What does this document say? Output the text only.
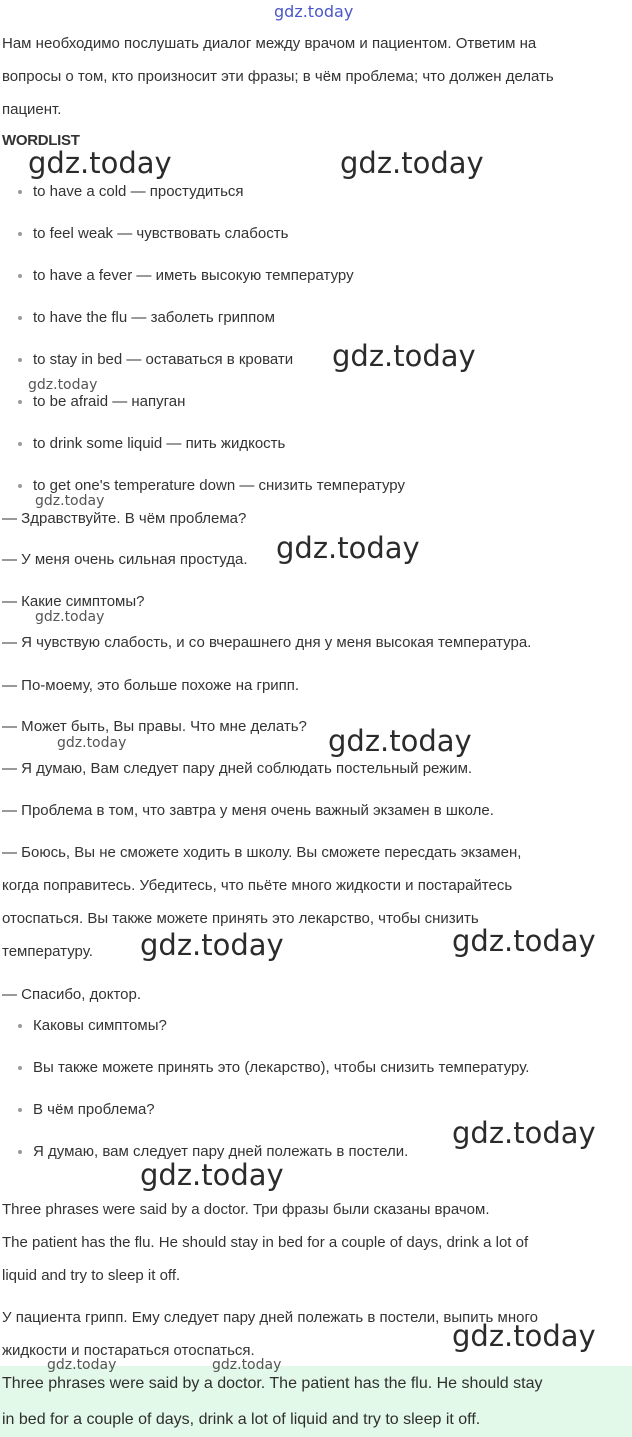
gdz.today
Нам необходимо послушать диалог между врачом и пациентом. Ответим на
вопросы о том, кто произносит эти фразы; в чём проблема; что должен делать
пациент.
WORDLIST
to have a cold — простудиться
to feel weak — чувствовать слабость
to have a fever — иметь высокую температуру
to have the flu — заболеть гриппом
to stay in bed — оставаться в кровати
to be afraid — напуган
to drink some liquid — пить жидкость
to get one's temperature down — снизить температуру
— Здравствуйте. В чём проблема?
— У меня очень сильная простуда.
— Какие симптомы?
— Я чувствую слабость, и со вчерашнего дня у меня высокая температура.
— По-моему, это больше похоже на грипп.
— Может быть, Вы правы. Что мне делать?
— Я думаю, Вам следует пару дней соблюдать постельный режим.
— Проблема в том, что завтра у меня очень важный экзамен в школе.
— Боюсь, Вы не сможете ходить в школу. Вы сможете пересдать экзамен,
когда поправитесь. Убедитесь, что пьёте много жидкости и постарайтесь
отоспаться. Вы также можете принять это лекарство, чтобы снизить
температуру.
— Спасибо, доктор.
Каковы симптомы?
Вы также можете принять это (лекарство), чтобы снизить температуру.
В чём проблема?
Я думаю, вам следует пару дней полежать в постели.
Three phrases were said by a doctor. Три фразы были сказаны врачом.
The patient has the flu. He should stay in bed for a couple of days, drink a lot of
liquid and try to sleep it off.
У пациента грипп. Ему следует пару дней полежать в постели, выпить много
жидкости и постараться отоспаться.
Three phrases were said by a doctor. The patient has the flu. He should stay
in bed for a couple of days, drink a lot of liquid and try to sleep it off.
gdz.today	gdz.today
gdz.today
gdz.today
gdz.today
gdz.today	gdz.today
gdz.today
gdz.today
gdz.today
gdz.today
gdz.today
gdz.today
gdz.today
gdz.today	gdz.today
